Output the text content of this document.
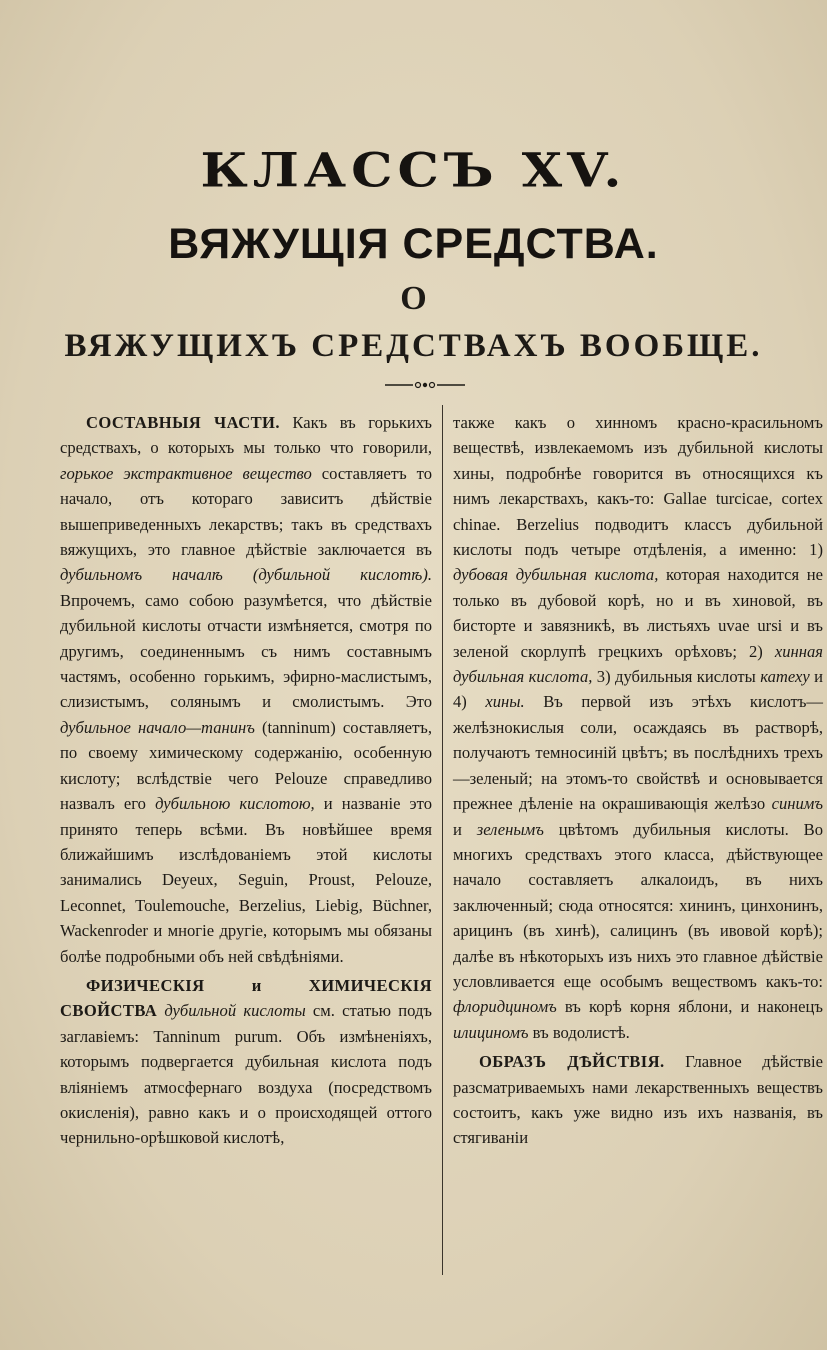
КЛАССЪ XV.
ВЯЖУЩІЯ СРЕДСТВА.
О
ВЯЖУЩИХЪ СРЕДСТВАХЪ ВООБЩЕ.

СОСТАВНЫЯ ЧАСТИ. Какъ въ горькихъ средствахъ, о которыхъ мы только что говорили, горькое экстрактивное вещество составляетъ то начало, отъ котораго зависитъ дѣйствіе вышеприведенныхъ лекарствъ; такъ въ средствахъ вяжущихъ, это главное дѣйствіе заключается въ дубильномъ началѣ (дубильной кислотѣ). Впрочемъ, само собою разумѣется, что дѣйствіе дубильной кислоты отчасти измѣняется, смотря по другимъ, соединеннымъ съ нимъ составнымъ частямъ, особенно горькимъ, эфирно-маслистымъ, слизистымъ, солянымъ и смолистымъ. Это дубильное начало—танинъ (tanninum) составляетъ, по своему химическому содержанію, особенную кислоту; вслѣдствіе чего Pelouze справедливо назвалъ его дубильною кислотою, и названіе это принято теперь всѣми. Въ новѣйшее время ближайшимъ изслѣдованіемъ этой кислоты занимались Deyeux, Seguin, Proust, Pelouze, Leconnet, Toulemouche, Berzelius, Liebig, Büchner, Wackenroder и многіе другіе, которымъ мы обязаны болѣе подробными объ ней свѣдѣніями.

ФИЗИЧЕСКІЯ и ХИМИЧЕСКІЯ СВОЙСТВА дубильной кислоты см. статью подъ заглавіемъ: Tanninum purum. Объ измѣненіяхъ, которымъ подвергается дубильная кислота подъ вліяніемъ атмосфернаго воздуха (посредствомъ окисленія), равно какъ и о происходящей оттого чернильно-орѣшковой кислотѣ,

также какъ о хинномъ красно-красильномъ веществѣ, извлекаемомъ изъ дубильной кислоты хины, подробнѣе говорится въ относящихся къ нимъ лекарствахъ, какъ-то: Gallae turcicae, cortex chinae. Berzelius подводитъ классъ дубильной кислоты подъ четыре отдѣленія, а именно: 1) дубовая дубильная кислота, которая находится не только въ дубовой корѣ, но и въ хиновой, въ бисторте и завязникѣ, въ листьяхъ uvae ursi и въ зеленой скорлупѣ грецкихъ орѣховъ; 2) хинная дубильная кислота, 3) дубильныя кислоты катеху и 4) хины. Въ первой изъ этѣхъ кислотъ—желѣзнокислыя соли, осаждаясь въ растворѣ, получаютъ темносиній цвѣтъ; въ послѣднихъ трехъ—зеленый; на этомъ-то свойствѣ и основывается прежнее дѣленіе на окрашивающія желѣзо синимъ и зеленымъ цвѣтомъ дубильныя кислоты. Во многихъ средствахъ этого класса, дѣйствующее начало составляетъ алкалоидъ, въ нихъ заключенный; сюда относятся: хининъ, цинхонинъ, арицинъ (въ хинѣ), салицинъ (въ ивовой корѣ); далѣе въ нѣкоторыхъ изъ нихъ это главное дѣйствіе условливается еще особымъ веществомъ какъ-то: флоридциномъ въ корѣ корня яблони, и наконецъ илициномъ въ водолистѣ.

ОБРАЗЪ ДѢЙСТВІЯ. Главное дѣйствіе разсматриваемыхъ нами лекарственныхъ веществъ состоитъ, какъ уже видно изъ ихъ названія, въ стягиваніи
